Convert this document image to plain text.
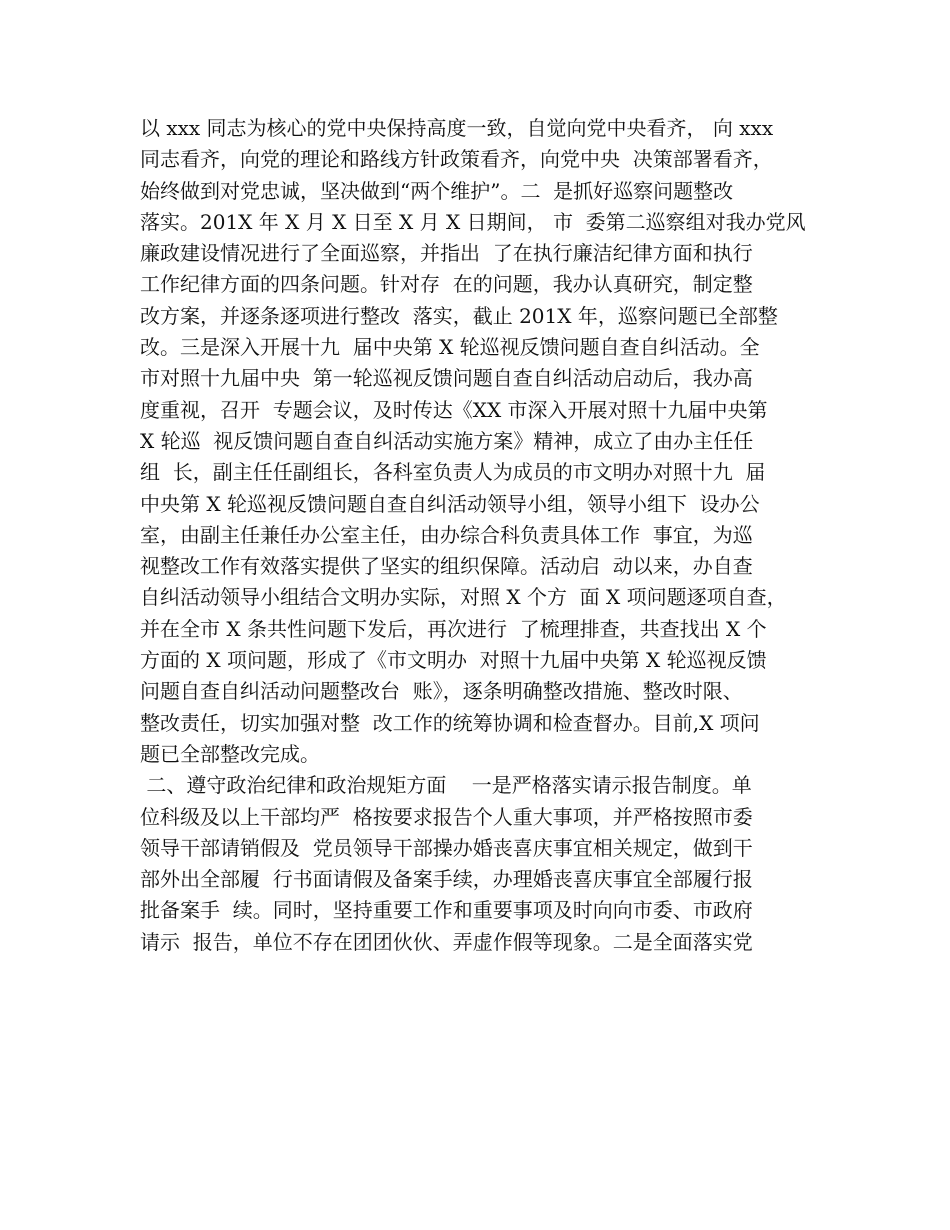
以 xxx 同志为核心的党中央保持高度一致，自觉向党中央看齐， 向 xxx
同志看齐，向党的理论和路线方针政策看齐，向党中央  决策部署看齐，
始终做到对党忠诚，坚决做到“两个维护”。二  是抓好巡察问题整改
落实。201X 年 X 月 X 日至 X 月 X 日期间， 市  委第二巡察组对我办党风
廉政建设情况进行了全面巡察，并指出  了在执行廉洁纪律方面和执行
工作纪律方面的四条问题。针对存  在的问题，我办认真研究，制定整
改方案，并逐条逐项进行整改  落实，截止 201X 年，巡察问题已全部整
改。三是深入开展十九  届中央第 X 轮巡视反馈问题自查自纠活动。全
市对照十九届中央  第一轮巡视反馈问题自查自纠活动启动后，我办高
度重视，召开  专题会议，及时传达《XX 市深入开展对照十九届中央第
X 轮巡  视反馈问题自查自纠活动实施方案》精神，成立了由办主任任
组  长，副主任任副组长，各科室负责人为成员的市文明办对照十九  届
中央第 X 轮巡视反馈问题自查自纠活动领导小组，领导小组下  设办公
室，由副主任兼任办公室主任，由办综合科负责具体工作  事宜，为巡
视整改工作有效落实提供了坚实的组织保障。活动启  动以来，办自查
自纠活动领导小组结合文明办实际，对照 X 个方  面 X 项问题逐项自查，
并在全市 X 条共性问题下发后，再次进行  了梳理排查，共查找出 X 个
方面的 X 项问题，形成了《市文明办  对照十九届中央第 X 轮巡视反馈
问题自查自纠活动问题整改台  账》，逐条明确整改措施、整改时限、
整改责任，切实加强对整  改工作的统筹协调和检查督办。目前,X 项问
题已全部整改完成。
二、遵守政治纪律和政治规矩方面    一是严格落实请示报告制度。单
位科级及以上干部均严  格按要求报告个人重大事项，并严格按照市委
领导干部请销假及  党员领导干部操办婚丧喜庆事宜相关规定，做到干
部外出全部履  行书面请假及备案手续，办理婚丧喜庆事宜全部履行报
批备案手  续。同时，坚持重要工作和重要事项及时向向市委、市政府
请示  报告，单位不存在团团伙伙、弄虚作假等现象。二是全面落实党
